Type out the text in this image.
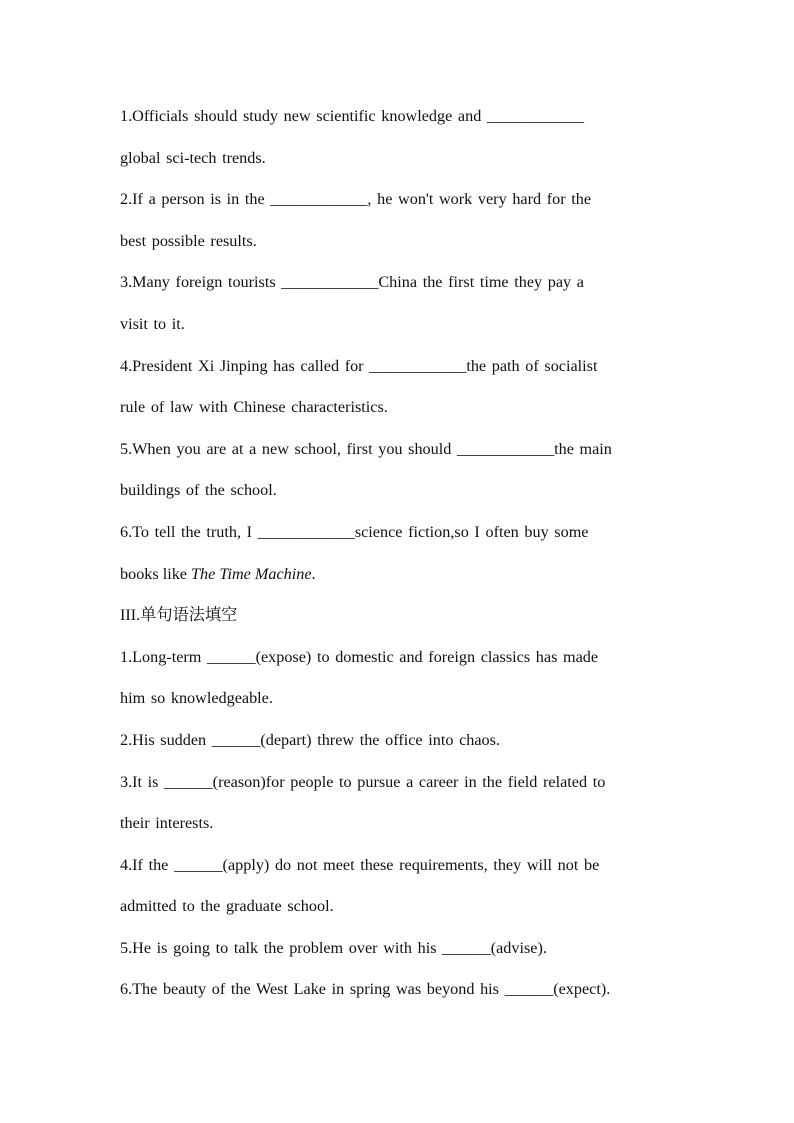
1.Officials should study new scientific knowledge and ____________
global sci-tech trends.
2.If a person is in the ____________, he won't work very hard for the
best possible results.
3.Many foreign tourists ____________China the first time they pay a
visit to it.
4.President Xi Jinping has called for ____________the path of socialist
rule of law with Chinese characteristics.
5.When you are at a new school, first you should ____________the main
buildings of the school.
6.To tell the truth, I ____________science fiction,so I often buy some
books like The Time Machine.
III.单句语法填空
1.Long-term ______(expose) to domestic and foreign classics has made
him so knowledgeable.
2.His sudden ______(depart) threw the office into chaos.
3.It is ______(reason)for people to pursue a career in the field related to
their interests.
4.If the ______(apply) do not meet these requirements, they will not be
admitted to the graduate school.
5.He is going to talk the problem over with his ______(advise).
6.The beauty of the West Lake in spring was beyond his ______(expect).
